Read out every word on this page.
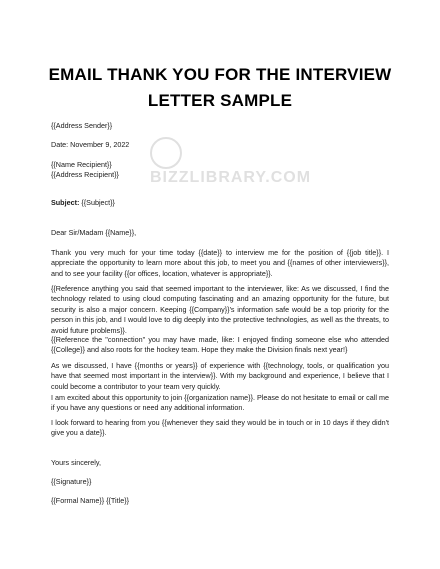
BIZZLIBRARY.COM
EMAIL THANK YOU FOR THE INTERVIEW
LETTER SAMPLE
{{Address Sender}}
Date: November 9, 2022
{{Name Recipient}}
{{Address Recipient}}
Subject: {{Subject}}
Dear Sir/Madam {{Name}},
Thank you very much for your time today {{date}} to interview me for the position of {{job title}}. I appreciate the opportunity to learn more about this job, to meet you and {{names of other interviewers}}, and to see your facility {{or offices, location, whatever is appropriate}}.
{{Reference anything you said that seemed important to the interviewer, like: As we discussed, I find the technology related to using cloud computing fascinating and an amazing opportunity for the future, but security is also a major concern. Keeping {{Company}}'s information safe would be a top priority for the person in this job, and I would love to dig deeply into the protective technologies, as well as the threats, to avoid future problems}}.
{{Reference the "connection" you may have made, like: I enjoyed finding someone else who attended {{College}} and also roots for the hockey team. Hope they make the Division finals next year!}
As we discussed, I have {{months or years}} of experience with {{technology, tools, or qualification you have that seemed most important in the interview}}. With my background and experience, I believe that I could become a contributor to your team very quickly.
I am excited about this opportunity to join {{organization name}}. Please do not hesitate to email or call me if you have any questions or need any additional information.
I look forward to hearing from you {{whenever they said they would be in touch or in 10 days if they didn't give you a date}}.
Yours sincerely,
{{Signature}}
{{Formal Name}} {{Title}}
